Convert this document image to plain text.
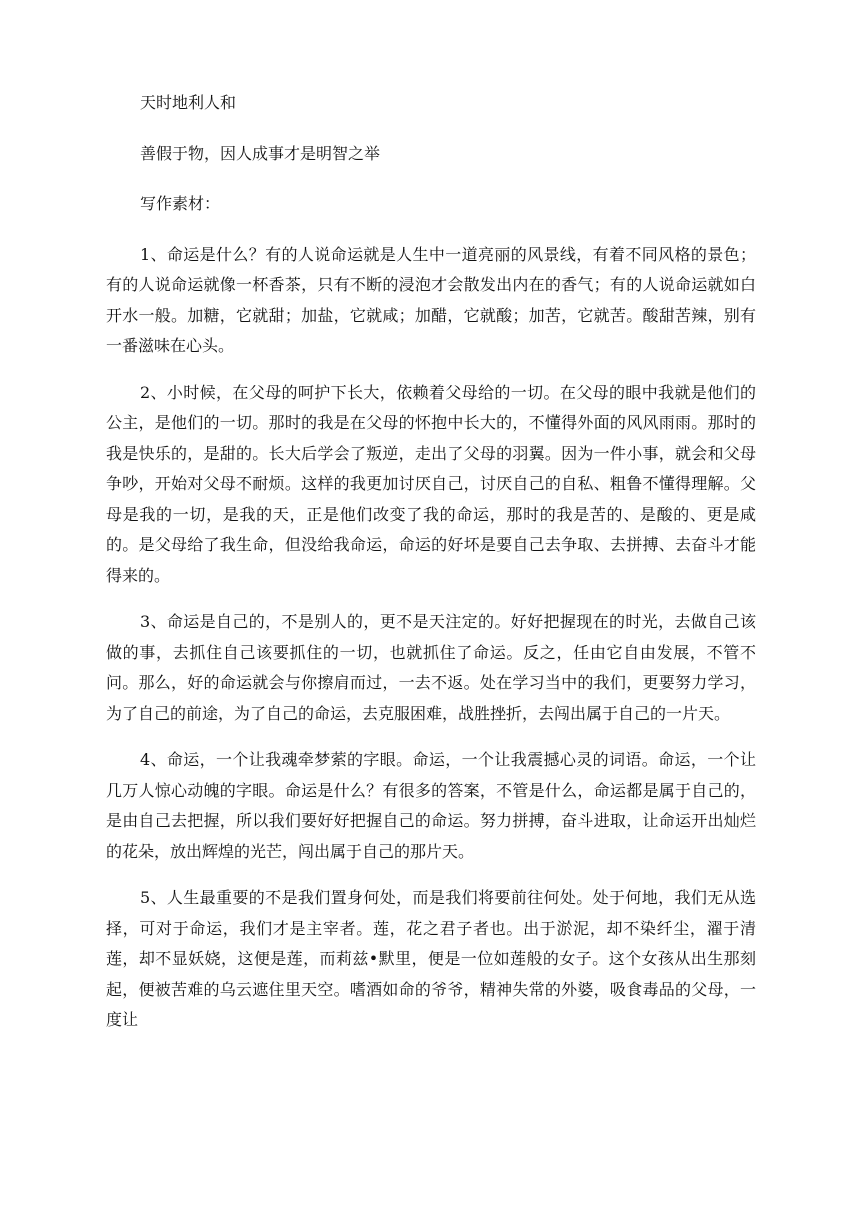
天时地利人和

善假于物，因人成事才是明智之举

写作素材：

1、命运是什么？有的人说命运就是人生中一道亮丽的风景线，有着不同风格的景色；有的人说命运就像一杯香茶，只有不断的浸泡才会散发出内在的香气；有的人说命运就如白开水一般。加糖，它就甜；加盐，它就咸；加醋，它就酸；加苦，它就苦。酸甜苦辣，别有一番滋味在心头。

2、小时候，在父母的呵护下长大，依赖着父母给的一切。在父母的眼中我就是他们的公主，是他们的一切。那时的我是在父母的怀抱中长大的，不懂得外面的风风雨雨。那时的我是快乐的，是甜的。长大后学会了叛逆，走出了父母的羽翼。因为一件小事，就会和父母争吵，开始对父母不耐烦。这样的我更加讨厌自己，讨厌自己的自私、粗鲁不懂得理解。父母是我的一切，是我的天，正是他们改变了我的命运，那时的我是苦的、是酸的、更是咸的。是父母给了我生命，但没给我命运，命运的好坏是要自己去争取、去拼搏、去奋斗才能得来的。

3、命运是自己的，不是别人的，更不是天注定的。好好把握现在的时光，去做自己该做的事，去抓住自己该要抓住的一切，也就抓住了命运。反之，任由它自由发展，不管不问。那么，好的命运就会与你擦肩而过，一去不返。处在学习当中的我们，更要努力学习，为了自己的前途，为了自己的命运，去克服困难，战胜挫折，去闯出属于自己的一片天。

4、命运，一个让我魂牵梦萦的字眼。命运，一个让我震撼心灵的词语。命运，一个让几万人惊心动魄的字眼。命运是什么？有很多的答案，不管是什么，命运都是属于自己的，是由自己去把握，所以我们要好好把握自己的命运。努力拼搏，奋斗进取，让命运开出灿烂的花朵，放出辉煌的光芒，闯出属于自己的那片天。

5、人生最重要的不是我们置身何处，而是我们将要前往何处。处于何地，我们无从选择，可对于命运，我们才是主宰者。莲，花之君子者也。出于淤泥，却不染纤尘，濯于清莲，却不显妖娆，这便是莲，而莉兹•默里，便是一位如莲般的女子。这个女孩从出生那刻起，便被苦难的乌云遮住里天空。嗜酒如命的爷爷，精神失常的外婆，吸食毒品的父母，一度让
